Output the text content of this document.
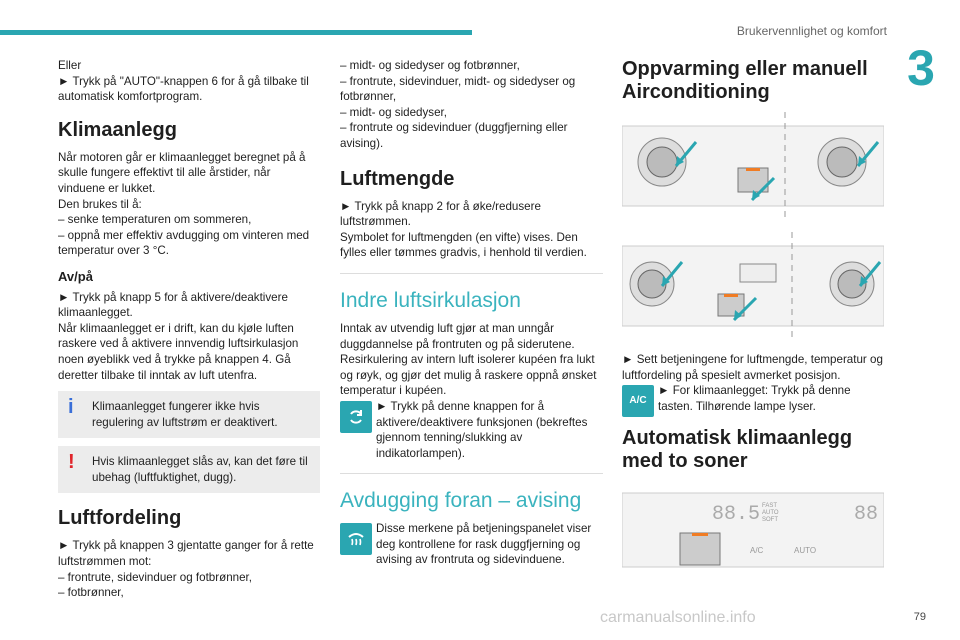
Brukervennlighet og komfort
3

Eller

► Trykk på "AUTO"-knappen 6 for å gå tilbake til automatisk komfortprogram.

Klimaanlegg

Når motoren går er klimaanlegget beregnet på å skulle fungere effektivt til alle årstider, når vinduene er lukket.

Den brukes til å:

– senke temperaturen om sommeren,

– oppnå mer effektiv avdugging om vinteren med temperatur over 3 °C.

Av/på

► Trykk på knapp 5 for å aktivere/deaktivere klimaanlegget.

Når klimaanlegget er i drift, kan du kjøle luften raskere ved å aktivere innvendig luftsirkulasjon noen øyeblikk ved å trykke på knappen 4. Gå deretter tilbake til inntak av luft utenfra.

i Klimaanlegget fungerer ikke hvis regulering av luftstrøm er deaktivert.
! Hvis klimaanlegget slås av, kan det føre til ubehag (luftfuktighet, dugg).
Luftfordeling

► Trykk på knappen 3 gjentatte ganger for å rette luftstrømmen mot:

– frontrute, sidevinduer og fotbrønner,

– fotbrønner,

– midt- og sidedyser og fotbrønner,

– frontrute, sidevinduer, midt- og sidedyser og fotbrønner,

– midt- og sidedyser,

– frontrute og sidevinduer (duggfjerning eller avising).

Luftmengde

► Trykk på knapp 2 for å øke/redusere luftstrømmen.

Symbolet for luftmengden (en vifte) vises. Den fylles eller tømmes gradvis, i henhold til verdien.

Indre luftsirkulasjon

Inntak av utvendig luft gjør at man unngår duggdannelse på frontruten og på siderutene. Resirkulering av intern luft isolerer kupéen fra lukt og røyk, og gjør det mulig å raskere oppnå ønsket temperatur i kupéen.

► Trykk på denne knappen for å aktivere/deaktivere funksjonen (bekreftes gjennom tenning/slukking av indikatorlampen).
Avdugging foran – avising
Disse merkene på betjeningspanelet viser deg kontrollene for rask duggfjerning og avising av frontruta og sidevinduene.
Oppvarming eller manuell Airconditioning

► Sett betjeningene for luftmengde, temperatur og luftfordeling på spesielt avmerket posisjon.

A/C
► For klimaanlegget: Trykk på denne tasten. Tilhørende lampe lyser.
Automatisk klimaanlegg med to soner
88.5 FAST
AUTO
SOFT	88
A/C	AUTO
carmanualsonline.info	79
